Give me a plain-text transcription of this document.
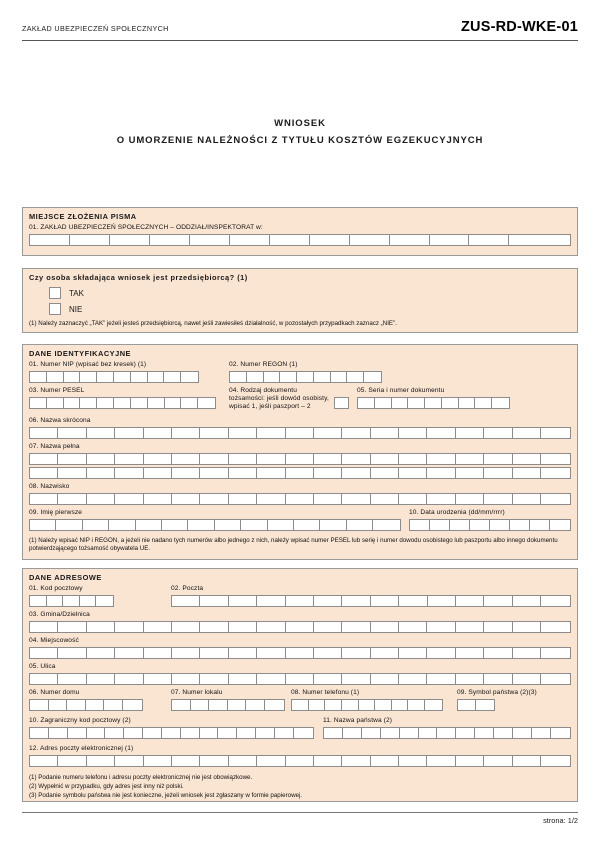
ZAKŁAD UBEZPIECZEŃ SPOŁECZNYCH	ZUS-RD-WKE-01
WNIOSEK
O UMORZENIE NALEŻNOŚCI Z TYTUŁU KOSZTÓW EGZEKUCYJNYCH
MIEJSCE ZŁOŻENIA PISMA
01. ZAKŁAD UBEZPIECZEŃ SPOŁECZNYCH – ODDZIAŁ/INSPEKTORAT w:
Czy osoba składająca wniosek jest przedsiębiorcą? (1)
TAK
NIE
(1) Należy zaznaczyć „TAK” jeżeli jesteś przedsiębiorcą, nawet jeśli zawiesiłeś działalność, w pozostałych przypadkach zaznacz „NIE”.
DANE IDENTYFIKACYJNE
01. Numer NIP (wpisać bez kresek) (1)	02. Numer REGON (1)
03. Numer PESEL	04. Rodzaj dokumentu tożsamości: jeśli dowód osobisty, wpisać 1, jeśli paszport – 2
05. Seria i numer dokumentu
06. Nazwa skrócona
07. Nazwa pełna
08. Nazwisko
09. Imię pierwsze	10. Data urodzenia (dd/mm/rrrr)
(1) Należy wpisać NIP i REGON, a jeżeli nie nadano tych numerów albo jednego z nich, należy wpisać numer PESEL lub serię i numer dowodu osobistego lub paszportu albo innego dokumentu potwierdzającego tożsamość obywatela UE.
DANE ADRESOWE
01. Kod pocztowy	02. Poczta
03. Gmina/Dzielnica
04. Miejscowość
05. Ulica
06. Numer domu	07. Numer lokalu	08. Numer telefonu (1)	09. Symbol państwa (2)(3)
10. Zagraniczny kod pocztowy (2)	11. Nazwa państwa (2)
12. Adres poczty elektronicznej (1)
(1) Podanie numeru telefonu i adresu poczty elektronicznej nie jest obowiązkowe.
(2) Wypełnić w przypadku, gdy adres jest inny niż polski.
(3) Podanie symbolu państwa nie jest konieczne, jeżeli wniosek jest zgłaszany w formie papierowej.
strona: 1/2
